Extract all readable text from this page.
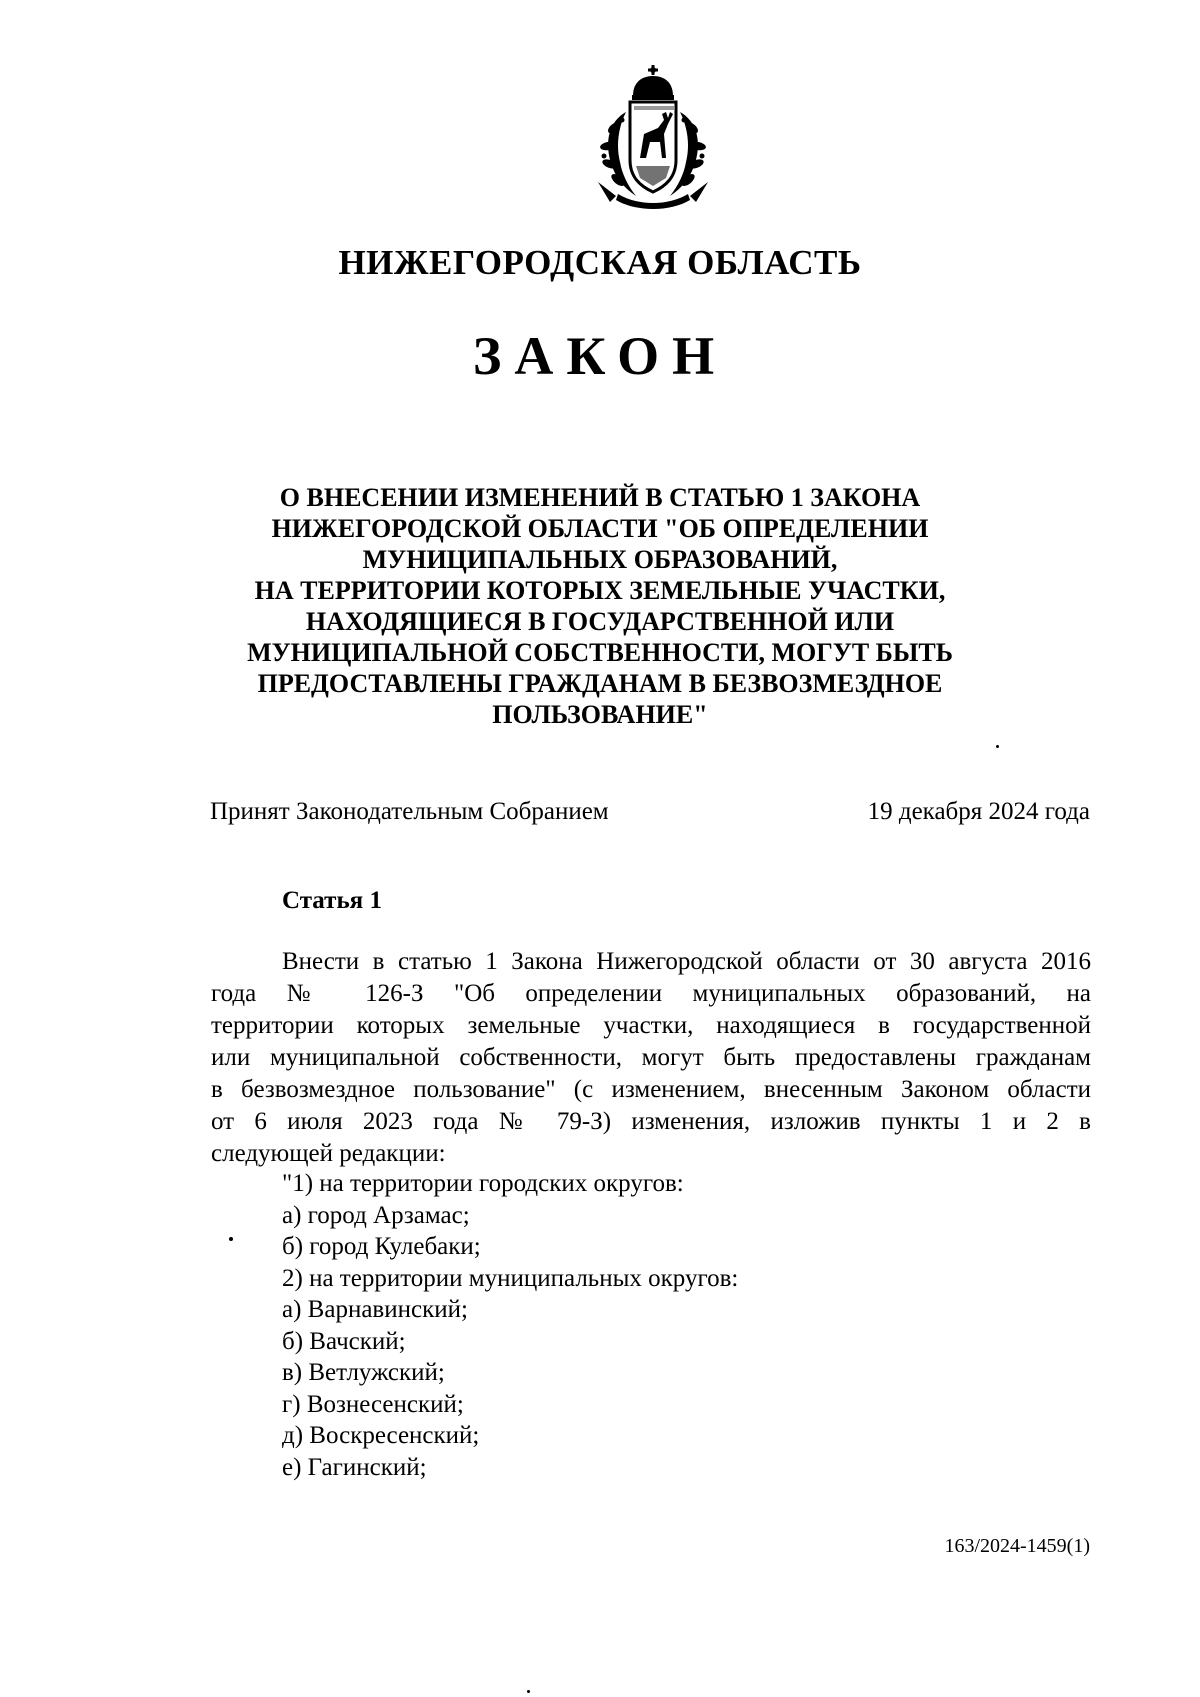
НИЖЕГОРОДСКАЯ ОБЛАСТЬ
ЗАКОН
О ВНЕСЕНИИ ИЗМЕНЕНИЙ В СТАТЬЮ 1 ЗАКОНА
НИЖЕГОРОДСКОЙ ОБЛАСТИ "ОБ ОПРЕДЕЛЕНИИ
МУНИЦИПАЛЬНЫХ ОБРАЗОВАНИЙ,
НА ТЕРРИТОРИИ КОТОРЫХ ЗЕМЕЛЬНЫЕ УЧАСТКИ,
НАХОДЯЩИЕСЯ В ГОСУДАРСТВЕННОЙ ИЛИ
МУНИЦИПАЛЬНОЙ СОБСТВЕННОСТИ, МОГУТ БЫТЬ
ПРЕДОСТАВЛЕНЫ ГРАЖДАНАМ В БЕЗВОЗМЕЗДНОЕ
ПОЛЬЗОВАНИЕ"
Принят Законодательным Собранием	19 декабря 2024 года
Статья 1
Внести в статью 1 Закона Нижегородской области от 30 августа 2016
года № 126-З "Об определении муниципальных образований, на
территории которых земельные участки, находящиеся в государственной
или муниципальной собственности, могут быть предоставлены гражданам
в безвозмездное пользование" (с изменением, внесенным Законом области
от 6 июля 2023 года № 79-З) изменения, изложив пункты 1 и 2 в
следующей редакции:
"1) на территории городских округов:
а) город Арзамас;
б) город Кулебаки;
2) на территории муниципальных округов:
а) Варнавинский;
б) Вачский;
в) Ветлужский;
г) Вознесенский;
д) Воскресенский;
е) Гагинский;
163/2024-1459(1)
